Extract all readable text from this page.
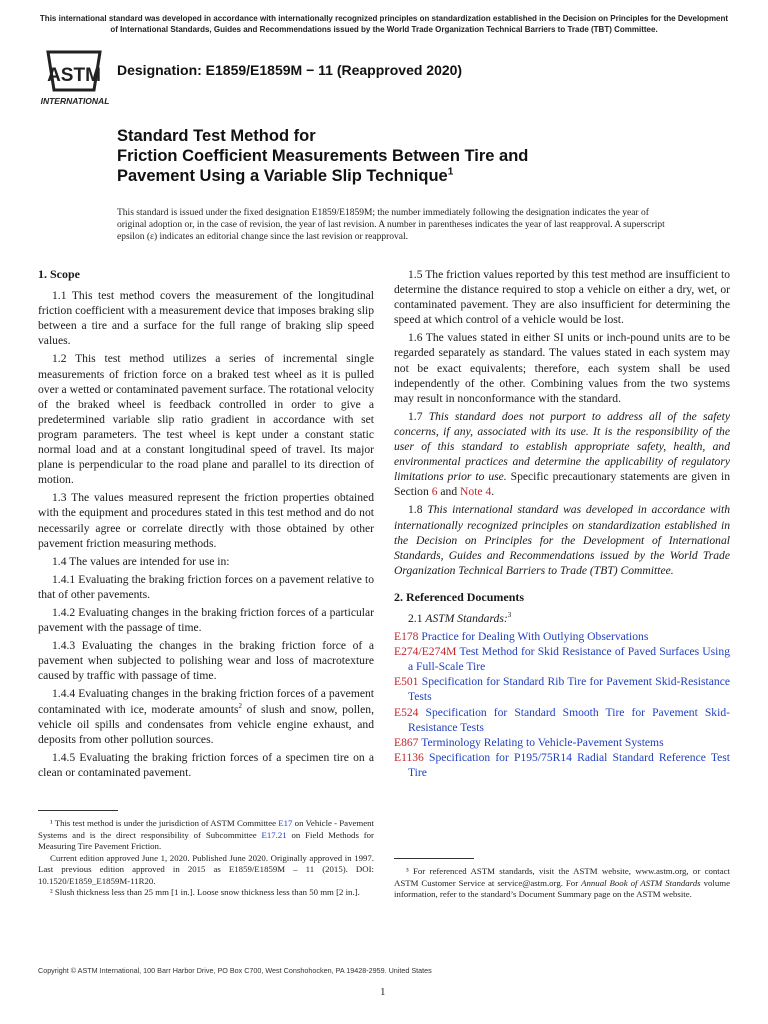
This international standard was developed in accordance with internationally recognized principles on standardization established in the Decision on Principles for the Development of International Standards, Guides and Recommendations issued by the World Trade Organization Technical Barriers to Trade (TBT) Committee.
ASTM
INTERNATIONAL
Designation: E1859/E1859M − 11 (Reapproved 2020)
Standard Test Method for
Friction Coefficient Measurements Between Tire and
Pavement Using a Variable Slip Technique$^1$
This standard is issued under the fixed designation E1859/E1859M; the number immediately following the designation indicates the year of original adoption or, in the case of revision, the year of last revision. A number in parentheses indicates the year of last reapproval. A superscript epsilon (ε) indicates an editorial change since the last revision or reapproval.
1. Scope

1.1 This test method covers the measurement of the longitudinal friction coefficient with a measurement device that imposes braking slip between a tire and a surface for the full range of braking slip speed values.

1.2 This test method utilizes a series of incremental single measurements of friction force on a braked test wheel as it is pulled over a wetted or contaminated pavement surface. The rotational velocity of the braked wheel is feedback controlled in order to give a predetermined variable slip ratio gradient in accordance with set program parameters. The test wheel is kept under a constant static normal load and at a constant longitudinal speed of travel. Its major plane is perpendicular to the road plane and parallel to its direction of motion.

1.3 The values measured represent the friction properties obtained with the equipment and procedures stated in this test method and do not necessarily agree or correlate directly with those obtained by other pavement friction measuring methods.

1.4 The values are intended for use in:

1.4.1 Evaluating the braking friction forces on a pavement relative to that of other pavements.

1.4.2 Evaluating changes in the braking friction forces of a particular pavement with the passage of time.

1.4.3 Evaluating the changes in the braking friction force of a pavement when subjected to polishing wear and loss of macrotexture caused by traffic with passage of time.

1.4.4 Evaluating changes in the braking friction forces of a pavement contaminated with ice, moderate amounts$^2$ of slush and snow, pollen, vehicle oil spills and condensates from vehicle engine exhaust, and deposits from other pollution sources.

1.4.5 Evaluating the braking friction forces of a specimen tire on a clean or contaminated pavement.

1.5 The friction values reported by this test method are insufficient to determine the distance required to stop a vehicle on either a dry, wet, or contaminated pavement. They are also insufficient for determining the speed at which control of a vehicle would be lost.

1.6 The values stated in either SI units or inch-pound units are to be regarded separately as standard. The values stated in each system may not be exact equivalents; therefore, each system shall be used independently of the other. Combining values from the two systems may result in nonconformance with the standard.

1.7 This standard does not purport to address all of the safety concerns, if any, associated with its use. It is the responsibility of the user of this standard to establish appropriate safety, health, and environmental practices and determine the applicability of regulatory limitations prior to use. Specific precautionary statements are given in Section 6 and Note 4.

1.8 This international standard was developed in accordance with internationally recognized principles on standardization established in the Decision on Principles for the Development of International Standards, Guides and Recommendations issued by the World Trade Organization Technical Barriers to Trade (TBT) Committee.

2. Referenced Documents

2.1 ASTM Standards:$^3$

E178 Practice for Dealing With Outlying Observations
E274/E274M Test Method for Skid Resistance of Paved Surfaces Using a Full-Scale Tire
E501 Specification for Standard Rib Tire for Pavement Skid-Resistance Tests
E524 Specification for Standard Smooth Tire for Pavement Skid-Resistance Tests
E867 Terminology Relating to Vehicle-Pavement Systems
E1136 Specification for P195/75R14 Radial Standard Reference Test Tire

¹ This test method is under the jurisdiction of ASTM Committee E17 on Vehicle - Pavement Systems and is the direct responsibility of Subcommittee E17.21 on Field Methods for Measuring Tire Pavement Friction.

Current edition approved June 1, 2020. Published June 2020. Originally approved in 1997. Last previous edition approved in 2015 as E1859/E1859M – 11 (2015). DOI: 10.1520/E1859_E1859M-11R20.

² Slush thickness less than 25 mm [1 in.]. Loose snow thickness less than 50 mm [2 in.].

³ For referenced ASTM standards, visit the ASTM website, www.astm.org, or contact ASTM Customer Service at service@astm.org. For Annual Book of ASTM Standards volume information, refer to the standard’s Document Summary page on the ASTM website.

Copyright © ASTM International, 100 Barr Harbor Drive, PO Box C700, West Conshohocken, PA 19428-2959. United States
1
